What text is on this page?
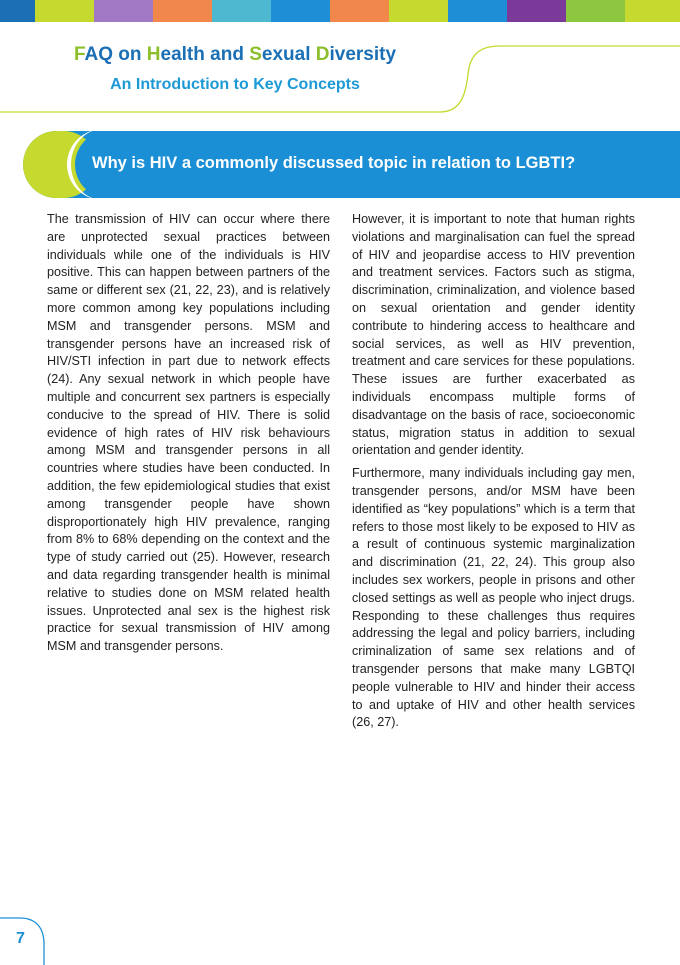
FAQ on Health and Sexual Diversity
An Introduction to Key Concepts
Why is HIV a commonly discussed topic in relation to LGBTI?

The transmission of HIV can occur where there are unprotected sexual practices between individuals while one of the individuals is HIV positive. This can happen between partners of the same or different sex (21, 22, 23), and is relatively more common among key populations including MSM and transgender persons. MSM and transgender persons have an increased risk of HIV/STI infection in part due to network effects (24). Any sexual network in which people have multiple and concurrent sex partners is especially conducive to the spread of HIV. There is solid evidence of high rates of HIV risk behaviours among MSM and transgender persons in all countries where studies have been conducted. In addition, the few epidemiological studies that exist among transgender people have shown disproportionately high HIV prevalence, ranging from 8% to 68% depending on the context and the type of study carried out (25). However, research and data regarding transgender health is minimal relative to studies done on MSM related health issues. Unprotected anal sex is the highest risk practice for sexual transmission of HIV among MSM and transgender persons.

However, it is important to note that human rights violations and marginalisation can fuel the spread of HIV and jeopardise access to HIV prevention and treatment services. Factors such as stigma, discrimination, criminalization, and violence based on sexual orientation and gender identity contribute to hindering access to healthcare and social services, as well as HIV prevention, treatment and care services for these populations. These issues are further exacerbated as individuals encompass multiple forms of disadvantage on the basis of race, socioeconomic status, migration status in addition to sexual orientation and gender identity.

Furthermore, many individuals including gay men, transgender persons, and/or MSM have been identified as “key populations” which is a term that refers to those most likely to be exposed to HIV as a result of continuous systemic marginalization and discrimination (21, 22, 24). This group also includes sex workers, people in prisons and other closed settings as well as people who inject drugs. Responding to these challenges thus requires addressing the legal and policy barriers, including criminalization of same sex relations and of transgender persons that make many LGBTQI people vulnerable to HIV and hinder their access to and uptake of HIV and other health services (26, 27).

7
